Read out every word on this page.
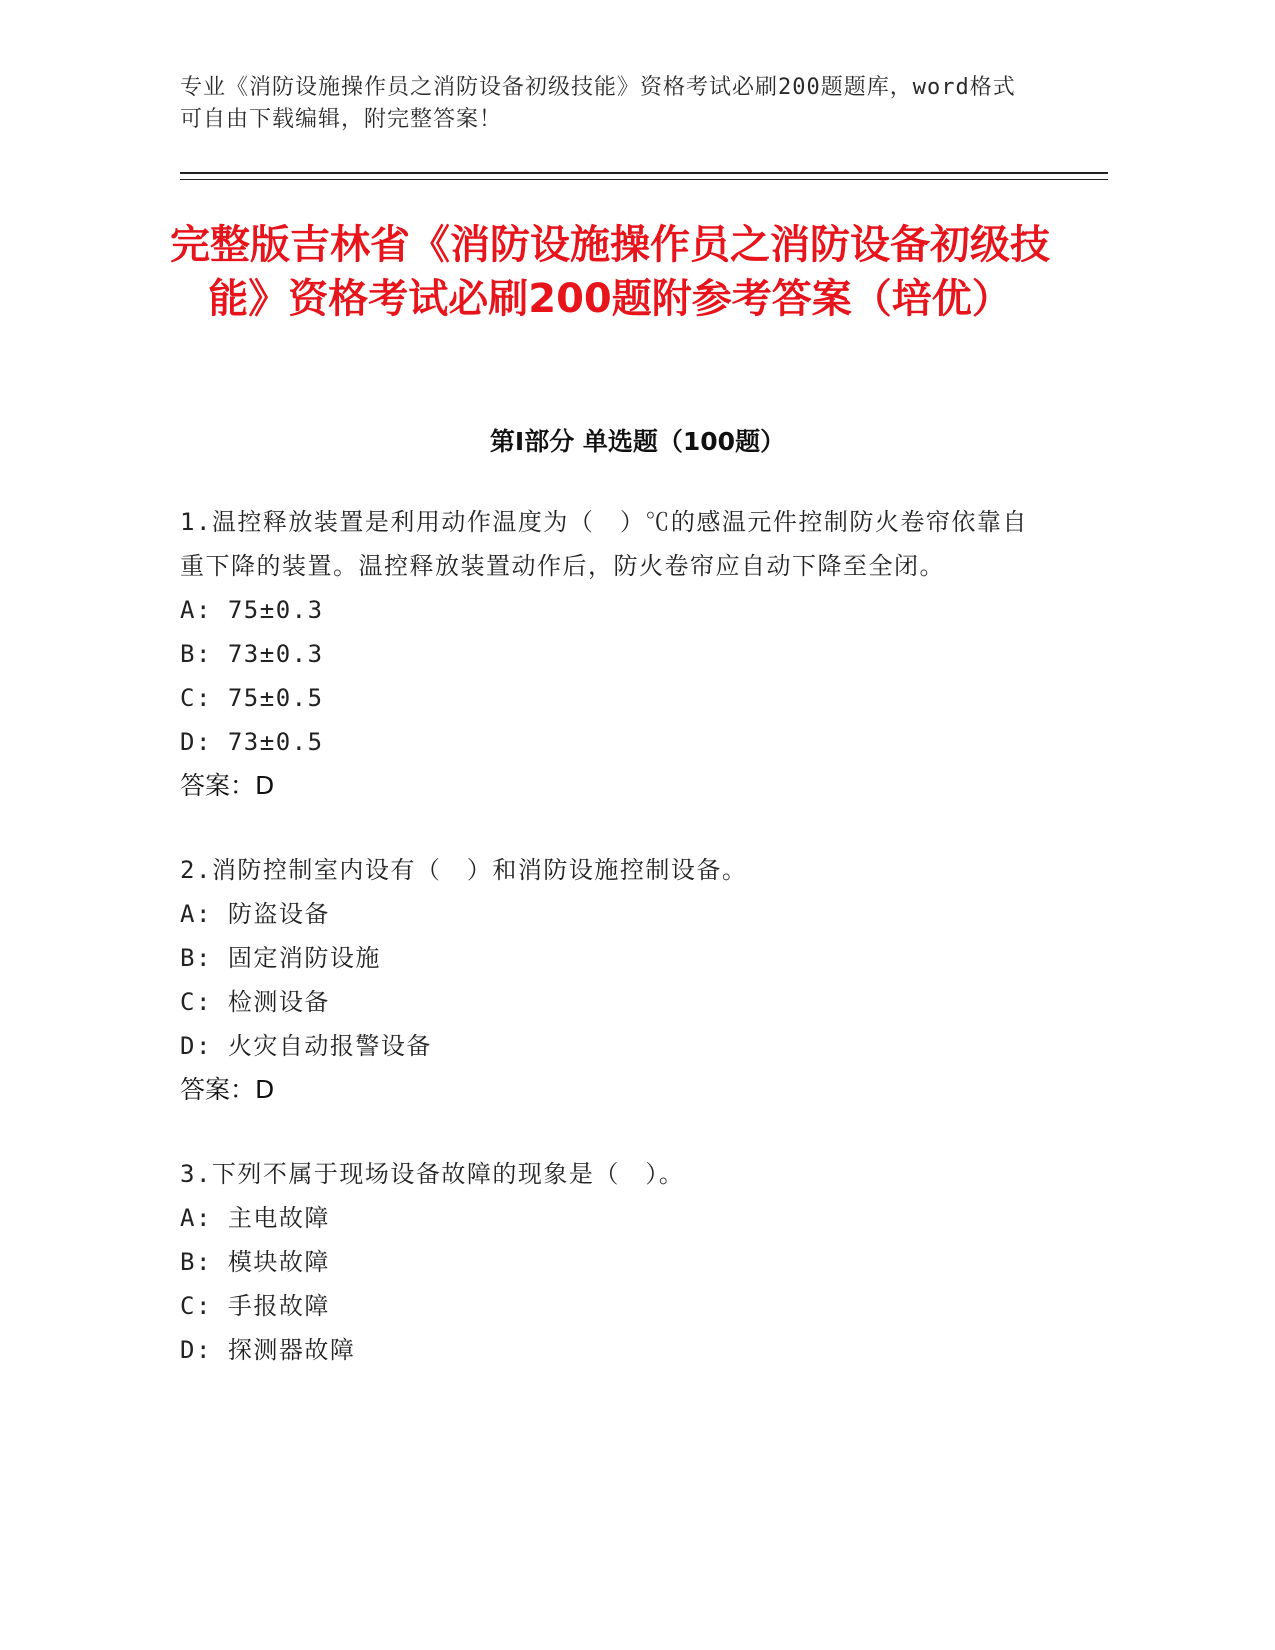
专业《消防设施操作员之消防设备初级技能》资格考试必刷200题题库，word格式可自由下载编辑，附完整答案！
完整版吉林省《消防设施操作员之消防设备初级技能》资格考试必刷200题附参考答案（培优）
第Ⅰ部分 单选题（100题）
1.温控释放装置是利用动作温度为（　）℃的感温元件控制防火卷帘依靠自重下降的装置。温控释放装置动作后，防火卷帘应自动下降至全闭。
A: 75±0.3
B: 73±0.3
C: 75±0.5
D: 73±0.5
答案：D
2.消防控制室内设有（　）和消防设施控制设备。
A: 防盗设备
B: 固定消防设施
C: 检测设备
D: 火灾自动报警设备
答案：D
3.下列不属于现场设备故障的现象是（　）。
A: 主电故障
B: 模块故障
C: 手报故障
D: 探测器故障
